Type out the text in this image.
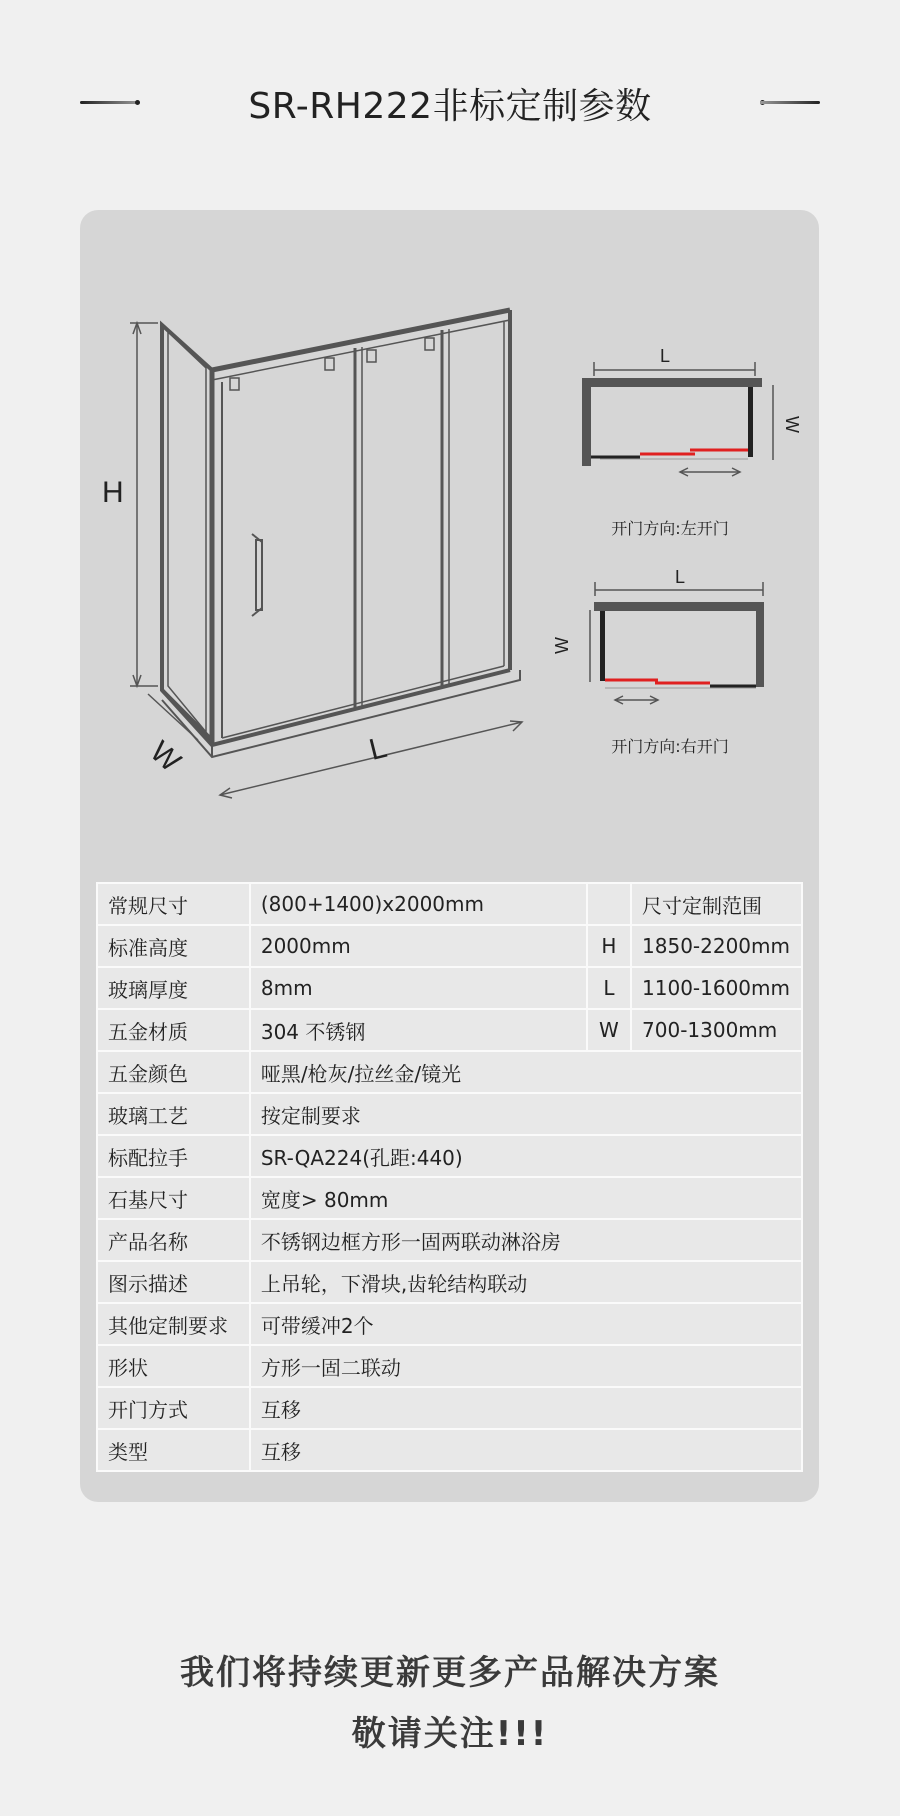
SR-RH222非标定制参数
H
W	L
L
W
L
W
开门方向:左开门
开门方向:右开门
常规尺寸	(800+1400)x2000mm		尺寸定制范围
标准高度	2000mm	H	1850-2200mm
玻璃厚度	8mm	L	1100-1600mm
五金材质	304 不锈钢	W	700-1300mm
五金颜色	哑黑/枪灰/拉丝金/镜光		
玻璃工艺	按定制要求		
标配拉手	SR-QA224(孔距:440)		
石基尺寸	宽度> 80mm		
产品名称	不锈钢边框方形一固两联动淋浴房		
图示描述	上吊轮，下滑块,齿轮结构联动		
其他定制要求	可带缓冲2个		
形状	方形一固二联动		
开门方式	互移		
类型	互移		
我们将持续更新更多产品解决方案
敬请关注!!!
